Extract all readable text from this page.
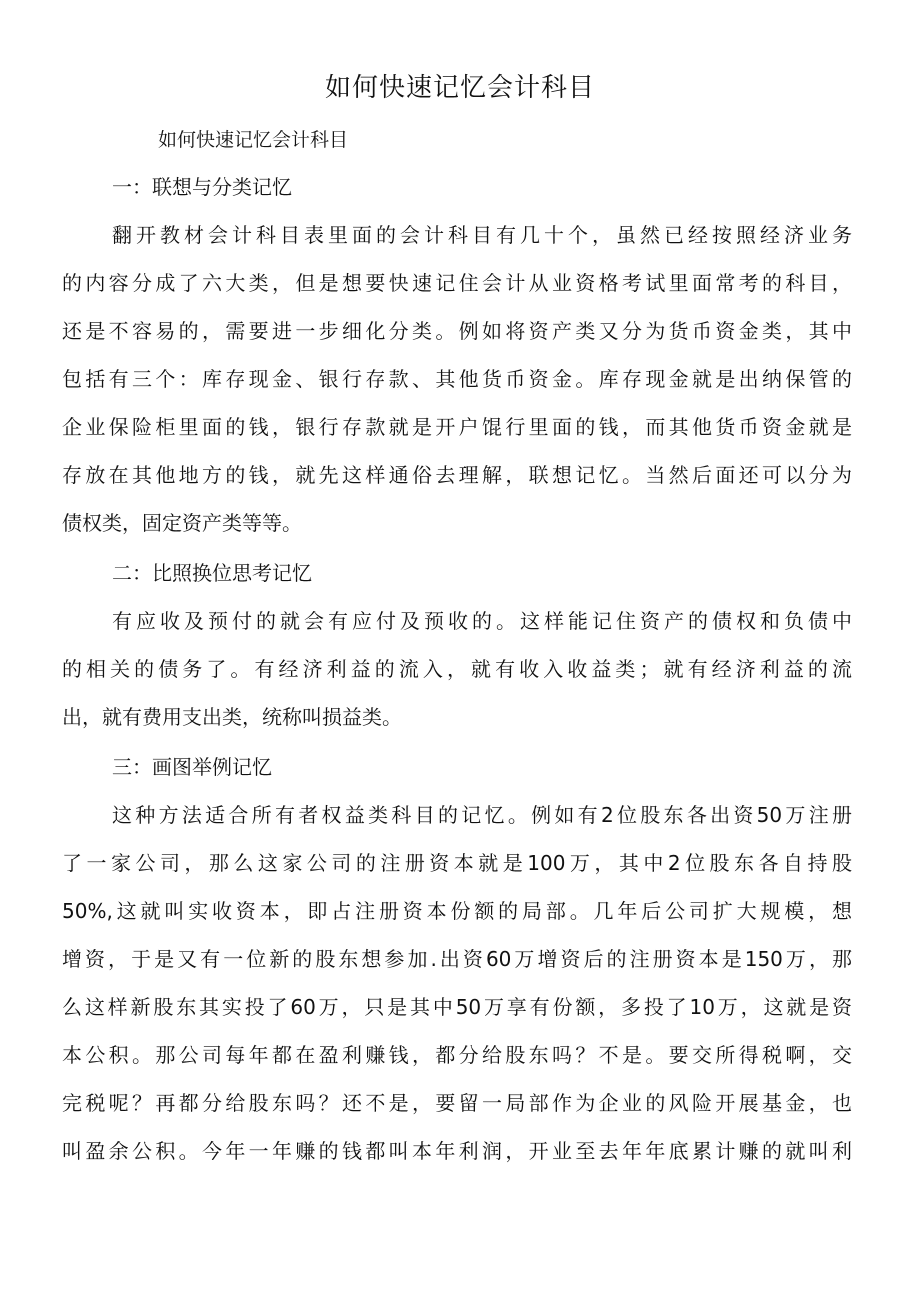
如何快速记忆会计科目

如何快速记忆会计科目

一：联想与分类记忆

翻开教材会计科目表里面的会计科目有几十个，虽然已经按照经济业务

的内容分成了六大类，但是想要快速记住会计从业资格考试里面常考的科目，

还是不容易的，需要进一步细化分类。例如将资产类又分为货币资金类，其中

包括有三个：库存现金、银行存款、其他货币资金。库存现金就是出纳保管的

企业保险柜里面的钱，银行存款就是开户馄行里面的钱，而其他货币资金就是

存放在其他地方的钱，就先这样通俗去理解，联想记忆。当然后面还可以分为

债权类，固定资产类等等。

二：比照换位思考记忆

有应收及预付的就会有应付及预收的。这样能记住资产的债权和负债中

的相关的债务了。有经济利益的流入，就有收入收益类；就有经济利益的流

出，就有费用支出类，统称叫损益类。

三：画图举例记忆

这种方法适合所有者权益类科目的记忆。例如有2位股东各出资50万注册

了一家公司，那么这家公司的注册资本就是100万，其中2位股东各自持股

50%,这就叫实收资本，即占注册资本份额的局部。几年后公司扩大规模，想

增资，于是又有一位新的股东想参加.出资60万增资后的注册资本是150万，那

么这样新股东其实投了60万，只是其中50万享有份额，多投了10万，这就是资

本公积。那公司每年都在盈利赚钱，都分给股东吗？不是。要交所得税啊，交

完税呢？再都分给股东吗？还不是，要留一局部作为企业的风险开展基金，也

叫盈余公积。今年一年赚的钱都叫本年利润，开业至去年年底累计赚的就叫利
